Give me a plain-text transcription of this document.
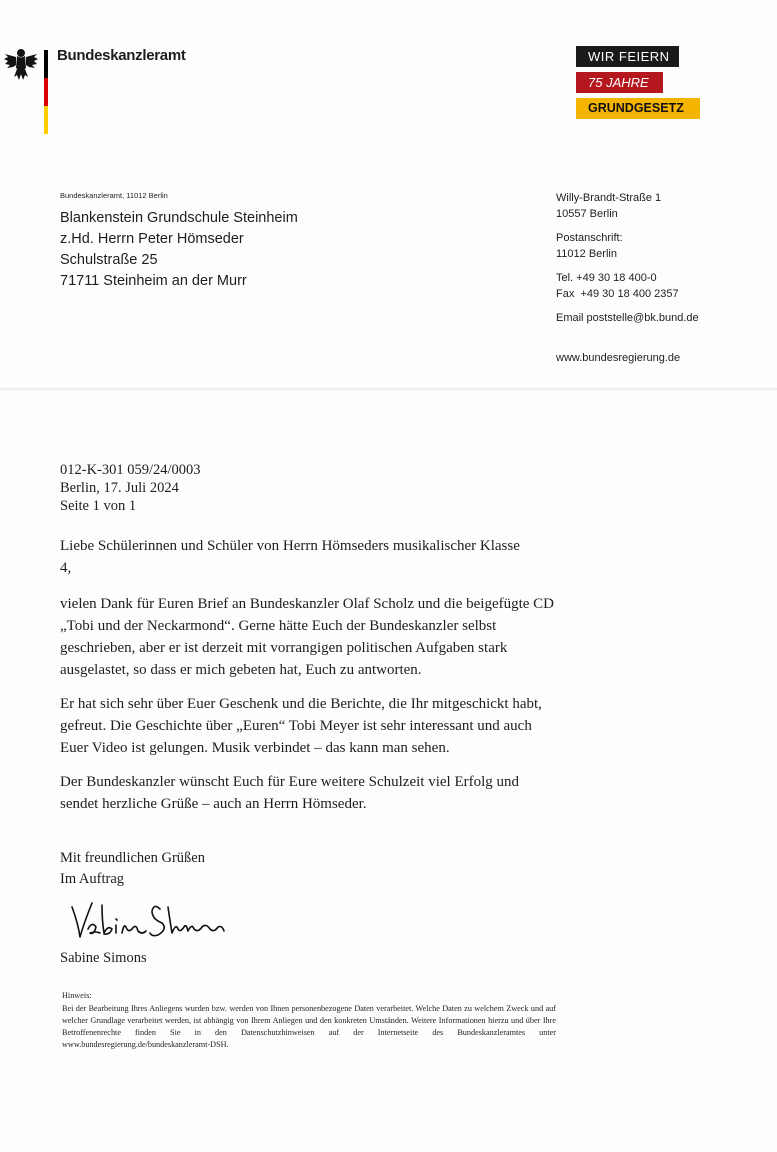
Bundeskanzleramt	WIR FEIERN
75 JAHRE
GRUNDGESETZ
Bundeskanzleramt, 11012 Berlin
Blankenstein Grundschule Steinheim
z.Hd. Herrn Peter Hömseder
Schulstraße 25
71711 Steinheim an der Murr
Willy-Brandt-Straße 1
10557 Berlin
Postanschrift:
11012 Berlin
Tel. +49 30 18 400-0
Fax  +49 30 18 400 2357
Email poststelle@bk.bund.de
www.bundesregierung.de
012-K-301 059/24/0003
Berlin, 17. Juli 2024
Seite 1 von 1

Liebe Schülerinnen und Schüler von Herrn Hömseders musikalischer Klasse 4,

vielen Dank für Euren Brief an Bundeskanzler Olaf Scholz und die beigefügte CD „Tobi und der Neckarmond“. Gerne hätte Euch der Bundeskanzler selbst geschrieben, aber er ist derzeit mit vorrangigen politischen Aufgaben stark ausgelastet, so dass er mich gebeten hat, Euch zu antworten.

Er hat sich sehr über Euer Geschenk und die Berichte, die Ihr mitgeschickt habt, gefreut. Die Geschichte über „Euren“ Tobi Meyer ist sehr interessant und auch Euer Video ist gelungen. Musik verbindet – das kann man sehen.

Der Bundeskanzler wünscht Euch für Eure weitere Schulzeit viel Erfolg und sendet herzliche Grüße – auch an Herrn Hömseder.

Mit freundlichen Grüßen
Im Auftrag
Sabine Simons
Hinweis:
Bei der Bearbeitung Ihres Anliegens wurden bzw. werden von Ihnen personenbezogene Daten verarbeitet. Welche Daten zu welchem Zweck und auf welcher Grundlage verarbeitet werden, ist abhängig von Ihrem Anliegen und den konkreten Umständen. Weitere Informationen hierzu und über Ihre Betroffenenrechte finden Sie in den Datenschutzhinweisen auf der Internetseite des Bundeskanzleramtes unter www.bundesregierung.de/bundeskanzleramt-DSH.
